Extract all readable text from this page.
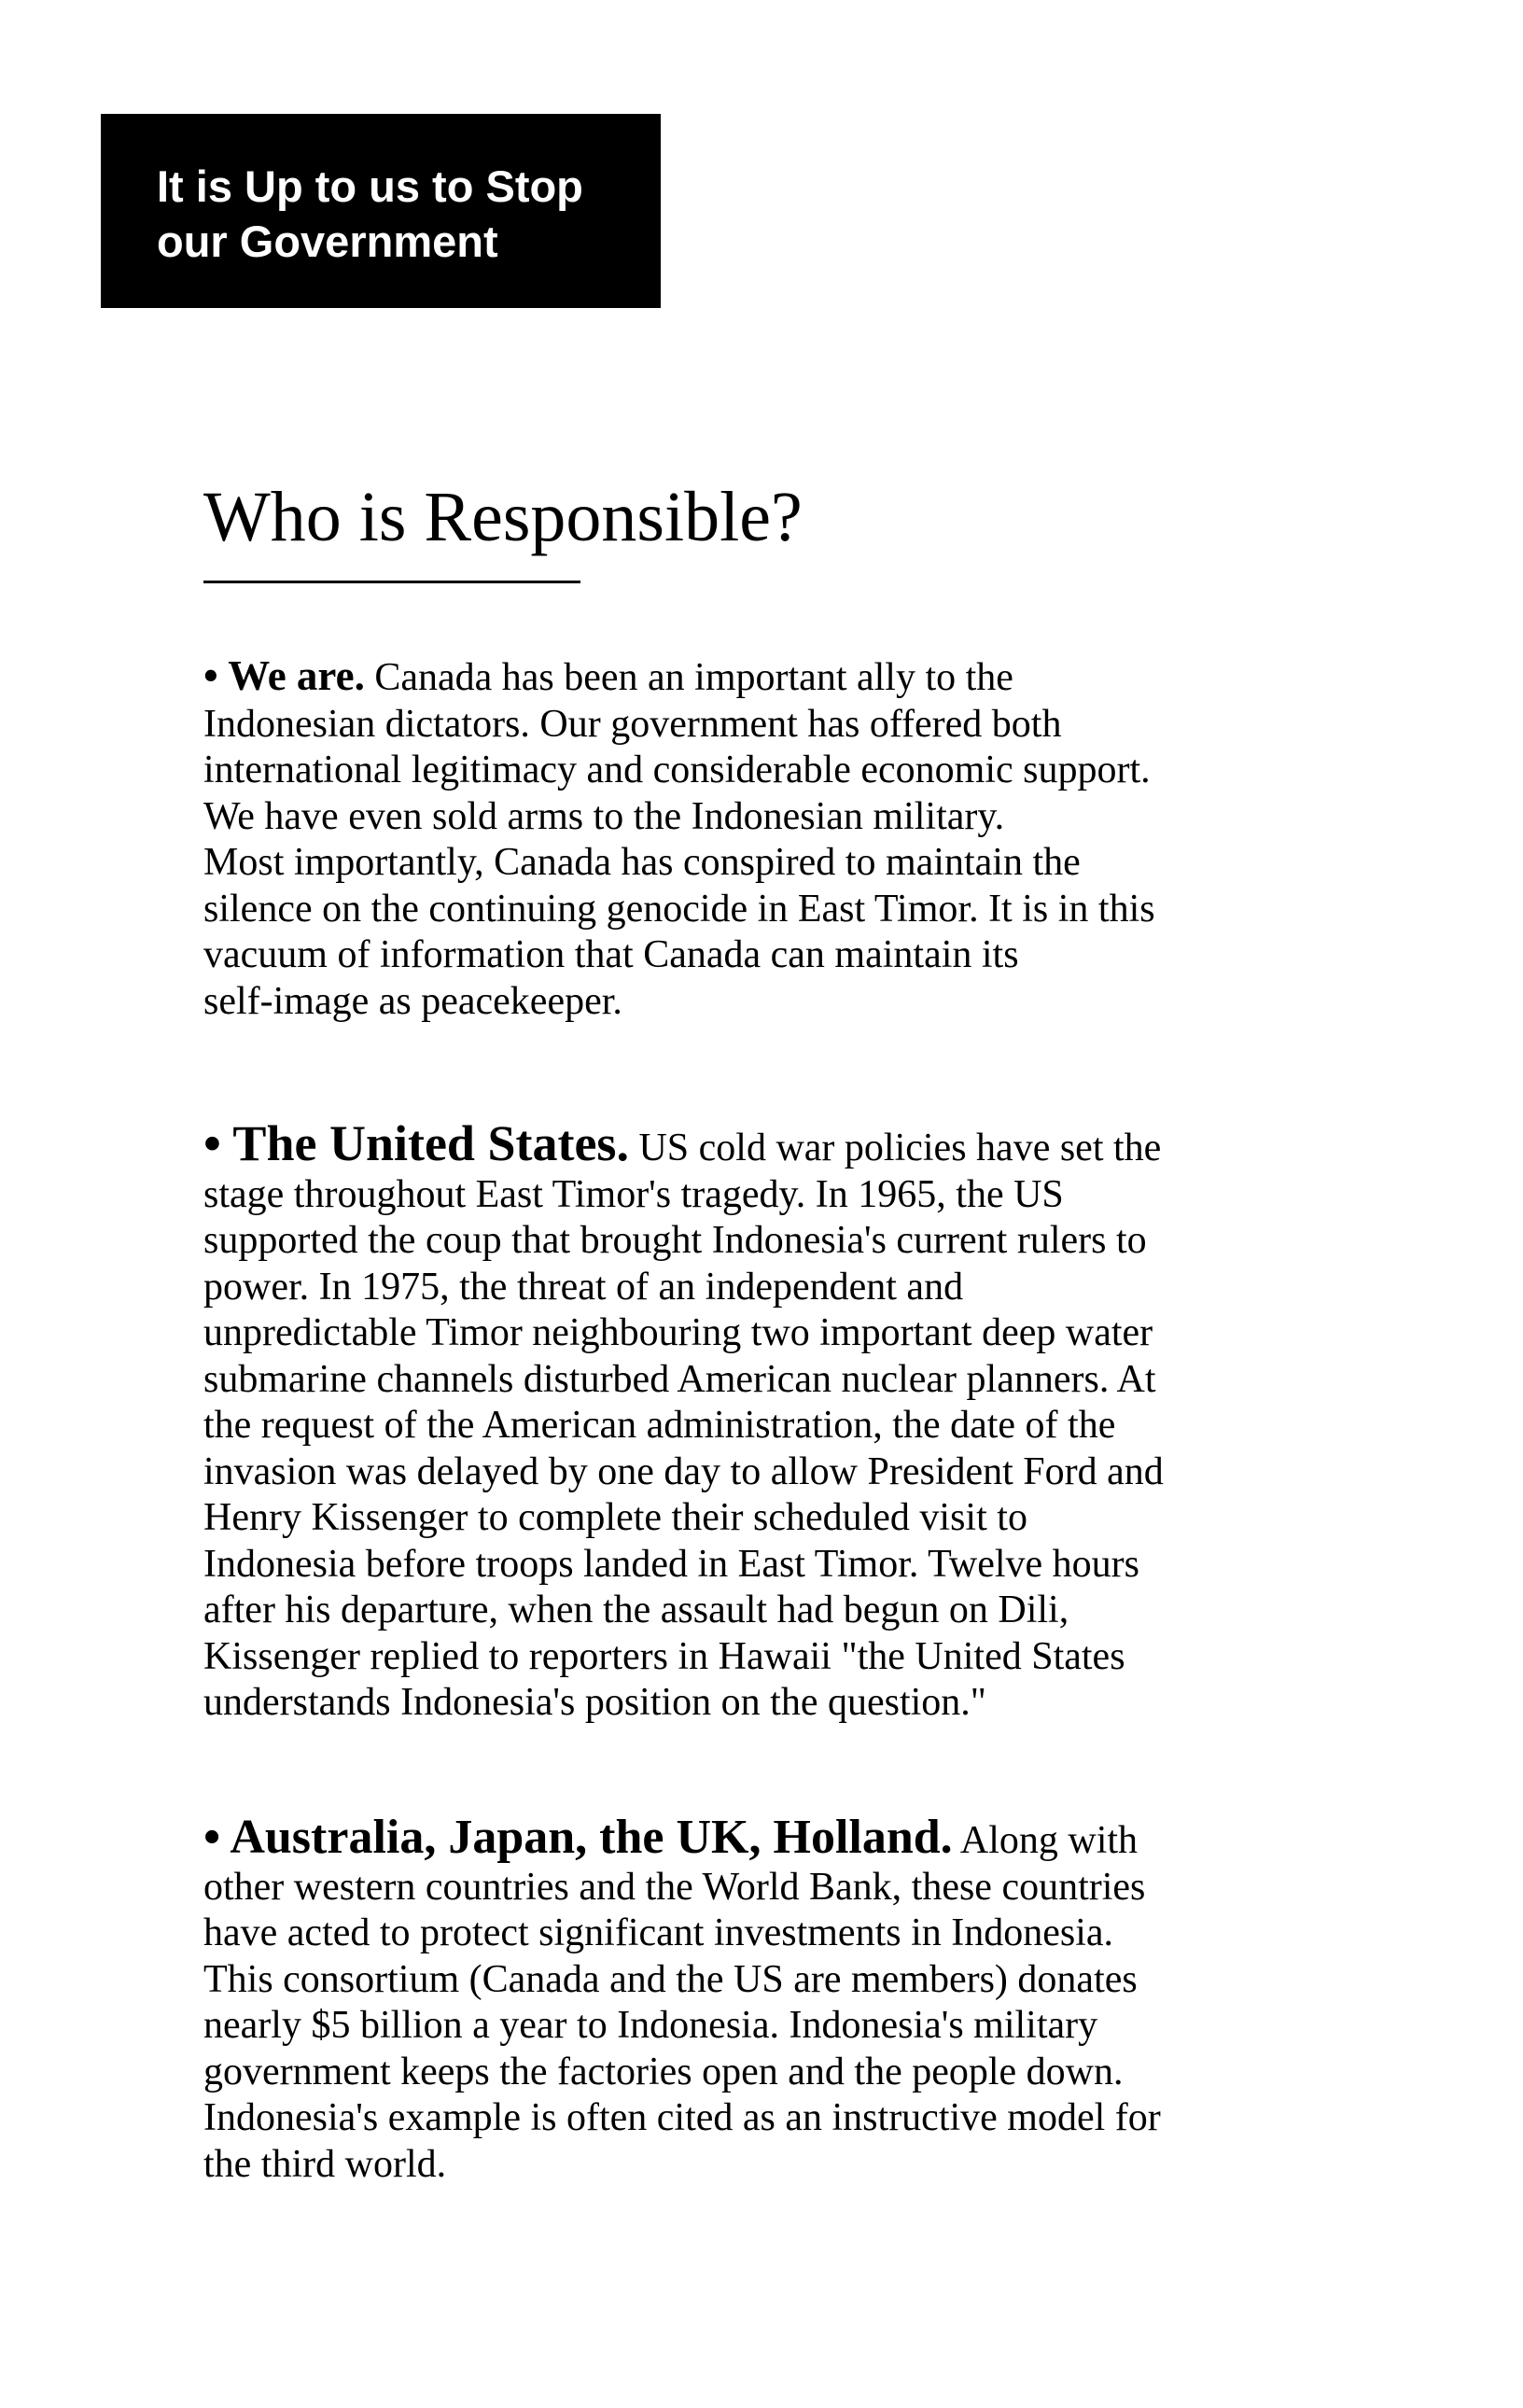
It is Up to us to Stop
our Government
Who is Responsible?

• We are. Canada has been an important ally to the
Indonesian dictators. Our government has offered both
international legitimacy and considerable economic support.
We have even sold arms to the Indonesian military.
Most importantly, Canada has conspired to maintain the
silence on the continuing genocide in East Timor. It is in this
vacuum of information that Canada can maintain its
self-image as peacekeeper.

• The United States. US cold war policies have set the
stage throughout East Timor's tragedy. In 1965, the US
supported the coup that brought Indonesia's current rulers to
power. In 1975, the threat of an independent and
unpredictable Timor neighbouring two important deep water
submarine channels disturbed American nuclear planners. At
the request of the American administration, the date of the
invasion was delayed by one day to allow President Ford and
Henry Kissenger to complete their scheduled visit to
Indonesia before troops landed in East Timor. Twelve hours
after his departure, when the assault had begun on Dili,
Kissenger replied to reporters in Hawaii "the United States
understands Indonesia's position on the question."

• Australia, Japan, the UK, Holland. Along with
other western countries and the World Bank, these countries
have acted to protect significant investments in Indonesia.
This consortium (Canada and the US are members) donates
nearly $5 billion a year to Indonesia. Indonesia's military
government keeps the factories open and the people down.
Indonesia's example is often cited as an instructive model for
the third world.
